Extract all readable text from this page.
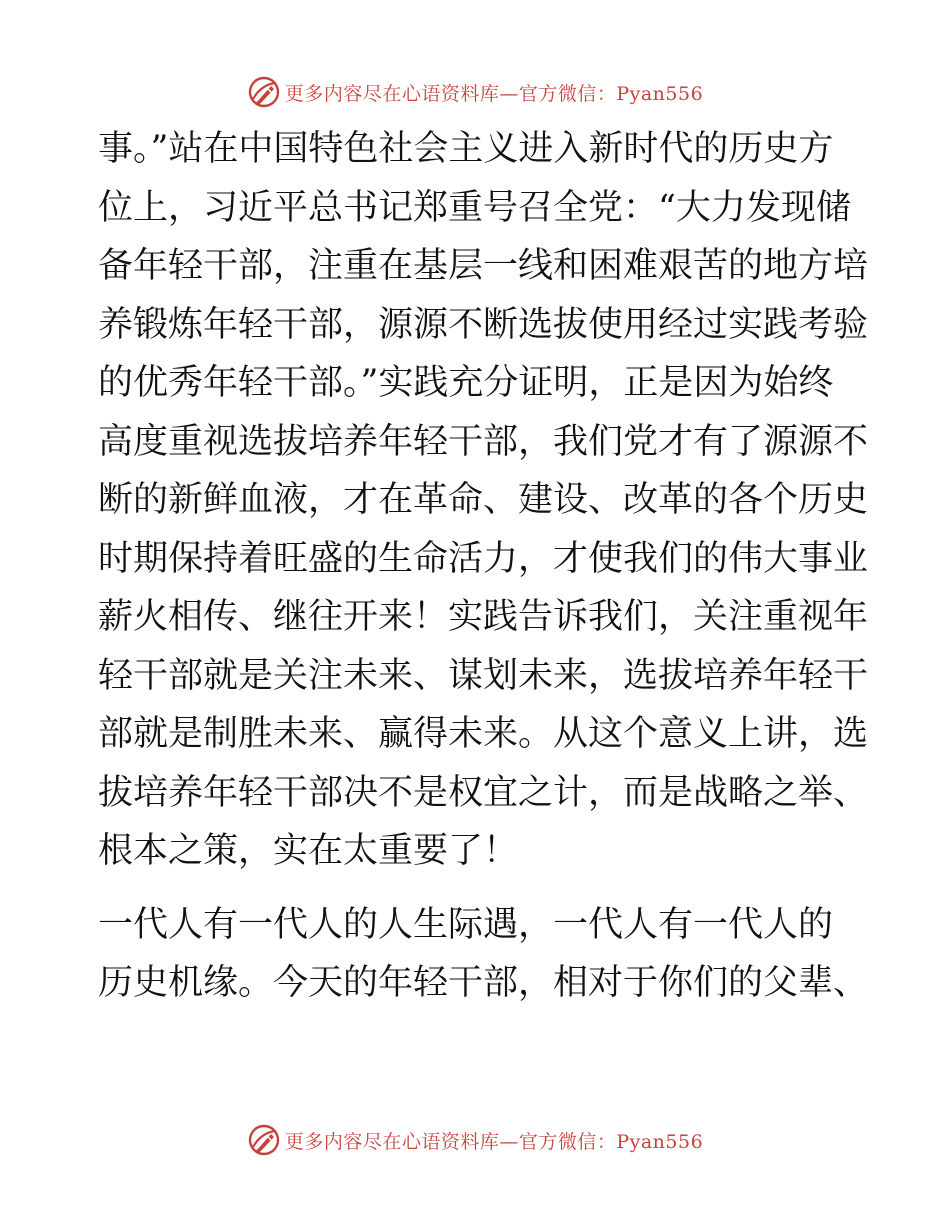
更多内容尽在心语资料库—官方微信：Pyan556
事。”站在中国特色社会主义进入新时代的历史方
位上，习近平总书记郑重号召全党：“大力发现储
备年轻干部，注重在基层一线和困难艰苦的地方培
养锻炼年轻干部，源源不断选拔使用经过实践考验
的优秀年轻干部。”实践充分证明，正是因为始终
高度重视选拔培养年轻干部，我们党才有了源源不
断的新鲜血液，才在革命、建设、改革的各个历史
时期保持着旺盛的生命活力，才使我们的伟大事业
薪火相传、继往开来！实践告诉我们，关注重视年
轻干部就是关注未来、谋划未来，选拔培养年轻干
部就是制胜未来、赢得未来。从这个意义上讲，选
拔培养年轻干部决不是权宜之计，而是战略之举、
根本之策，实在太重要了！
一代人有一代人的人生际遇，一代人有一代人的
历史机缘。今天的年轻干部，相对于你们的父辈、
更多内容尽在心语资料库—官方微信：Pyan556
